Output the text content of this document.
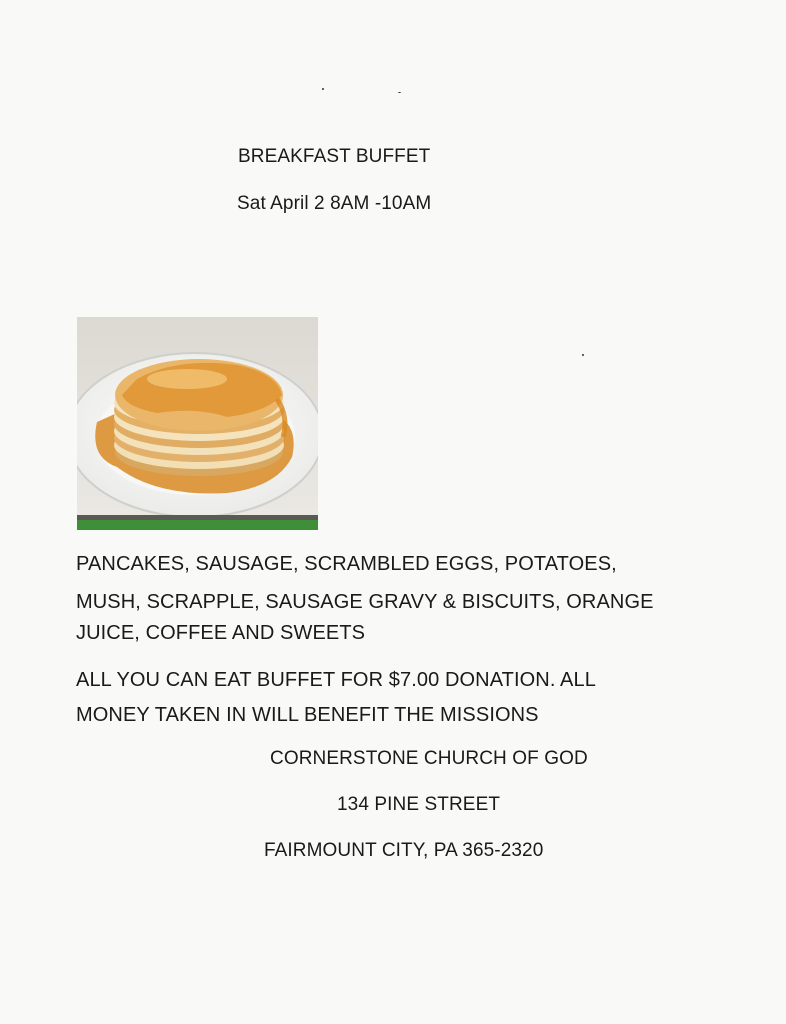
BREAKFAST BUFFET
Sat April 2 8AM -10AM
PANCAKES, SAUSAGE, SCRAMBLED EGGS, POTATOES,
MUSH, SCRAPPLE, SAUSAGE GRAVY & BISCUITS, ORANGE
JUICE, COFFEE AND SWEETS
ALL YOU CAN EAT BUFFET FOR $7.00 DONATION. ALL
MONEY TAKEN IN WILL BENEFIT THE MISSIONS
CORNERSTONE CHURCH OF GOD
134 PINE STREET
FAIRMOUNT CITY, PA 365-2320
